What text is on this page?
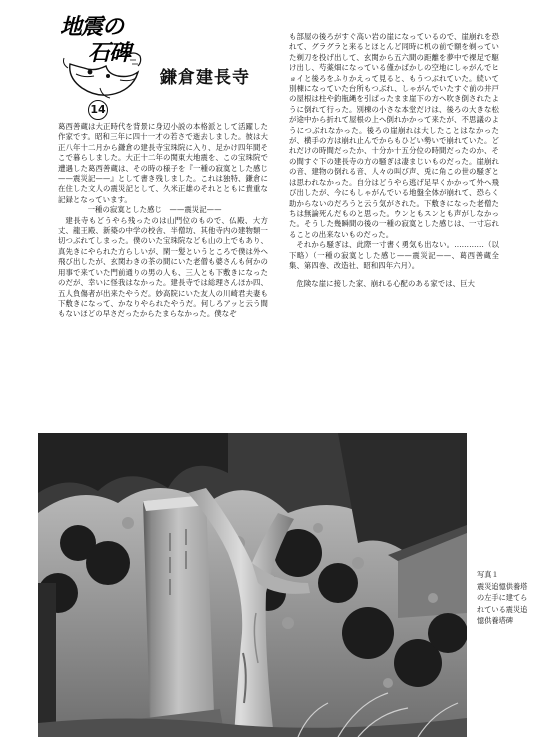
地震の
石碑
14
鎌倉建長寺

葛西善蔵は大正時代を背景に身辺小説の本格派として活躍した作家です。昭和三年に四十一才の若さで逝去しました。彼は大正八年十二月から鎌倉の建長寺宝珠院に入り、足かけ四年間そこで暮らしました。大正十二年の関東大地震を、この宝珠院で遭遇した葛西善蔵は、その時の様子を『一種の寂寞とした感じ——震災記——』として書き残しました。これは独特、鎌倉に在住した文人の震災記として、久米正雄のそれとともに貴重な記録となっています。

一種の寂寞とした感じ　——震災記——

建長寺もどうやら残ったのは山門位のもので、仏殿、大方丈、龍王殿、新築の中学の校舎、半僧坊、其他寺内の建物類一切つぶれてしまった。僕のいた宝珠院なども山の上でもあり、真先きにやられた方らしいが、閑一髪というところで僕は外へ飛び出したが、玄関わきの茶の間にいた老僧も婆さんも何かの用事で来ていた門前通りの男の人も、三人とも下敷きになったのだが、幸いに怪我はなかった。建長寺では総理さんほか四、五人負傷者が出来たやうだ。妙高院にいた友人の川崎君夫妻も下敷きになって、かなりやられたやうだ。何しろアッと云う間もないほどの早さだったからたまらなかった。僕なぞ

も部屋の後ろがすぐ高い岩の崖になっているので、崖崩れを恐れて、グラグラと来るとほとんど同時に机の前で額を剃っていた剃刀を投げ出して、玄関から五六間の距離を夢中で裸足で駆け出し、芍薬畑になっている僅かばかしの空地にしゃがんでヒョイと後ろをふりかえって見ると、もうつぶれていた。続いて別棟になっていた台所もつぶれ、しゃがんでいたすぐ前の井戸の屋根は柱や釣瓶縄を引ぱったまま崖下の方へ吹き倒されたように倒れて行った。別棟の小さな本堂だけは、後ろの大きな松が途中から折れて屋根の上へ倒れかかって来たが、不思議のようにつぶれなかった。後ろの崖崩れは大したことはなかったが、横手の方は崩れ止んでからもひどい勢いで崩れていた。どれだけの時間だったか、十分か十五分位の時間だったのか、その間すぐ下の建長寺の方の騒ぎは凄まじいものだった。崖崩れの音、建物の倒れる音、人々の叫び声、兎に角この世の騒ぎとは思われなかった。自分はどうやら逃げ足早くかかって外へ飛び出したが、今にもしゃがんでいる地盤全体が崩れて、恐らく助からないのだろうと云う気がされた。下敷きになった老僧たちは無論死んだものと思った。ウンともスンとも声がしなかった。そうした幾瞬間の後の一種の寂寞とした感じは、一寸忘れることの出来ないものだった。

それから騒ぎは、此際一寸書く勇気も出ない。…………（以下略）（一種の寂寞とした感じ——震災記——、葛西善蔵全集、第四巻、改造社、昭和四年六月）。

危険な崖に接した家、崩れる心配のある家では、巨大

写真１

震災追憶供養塔

の左手に建てら

れている震災追

憶供養塔碑
